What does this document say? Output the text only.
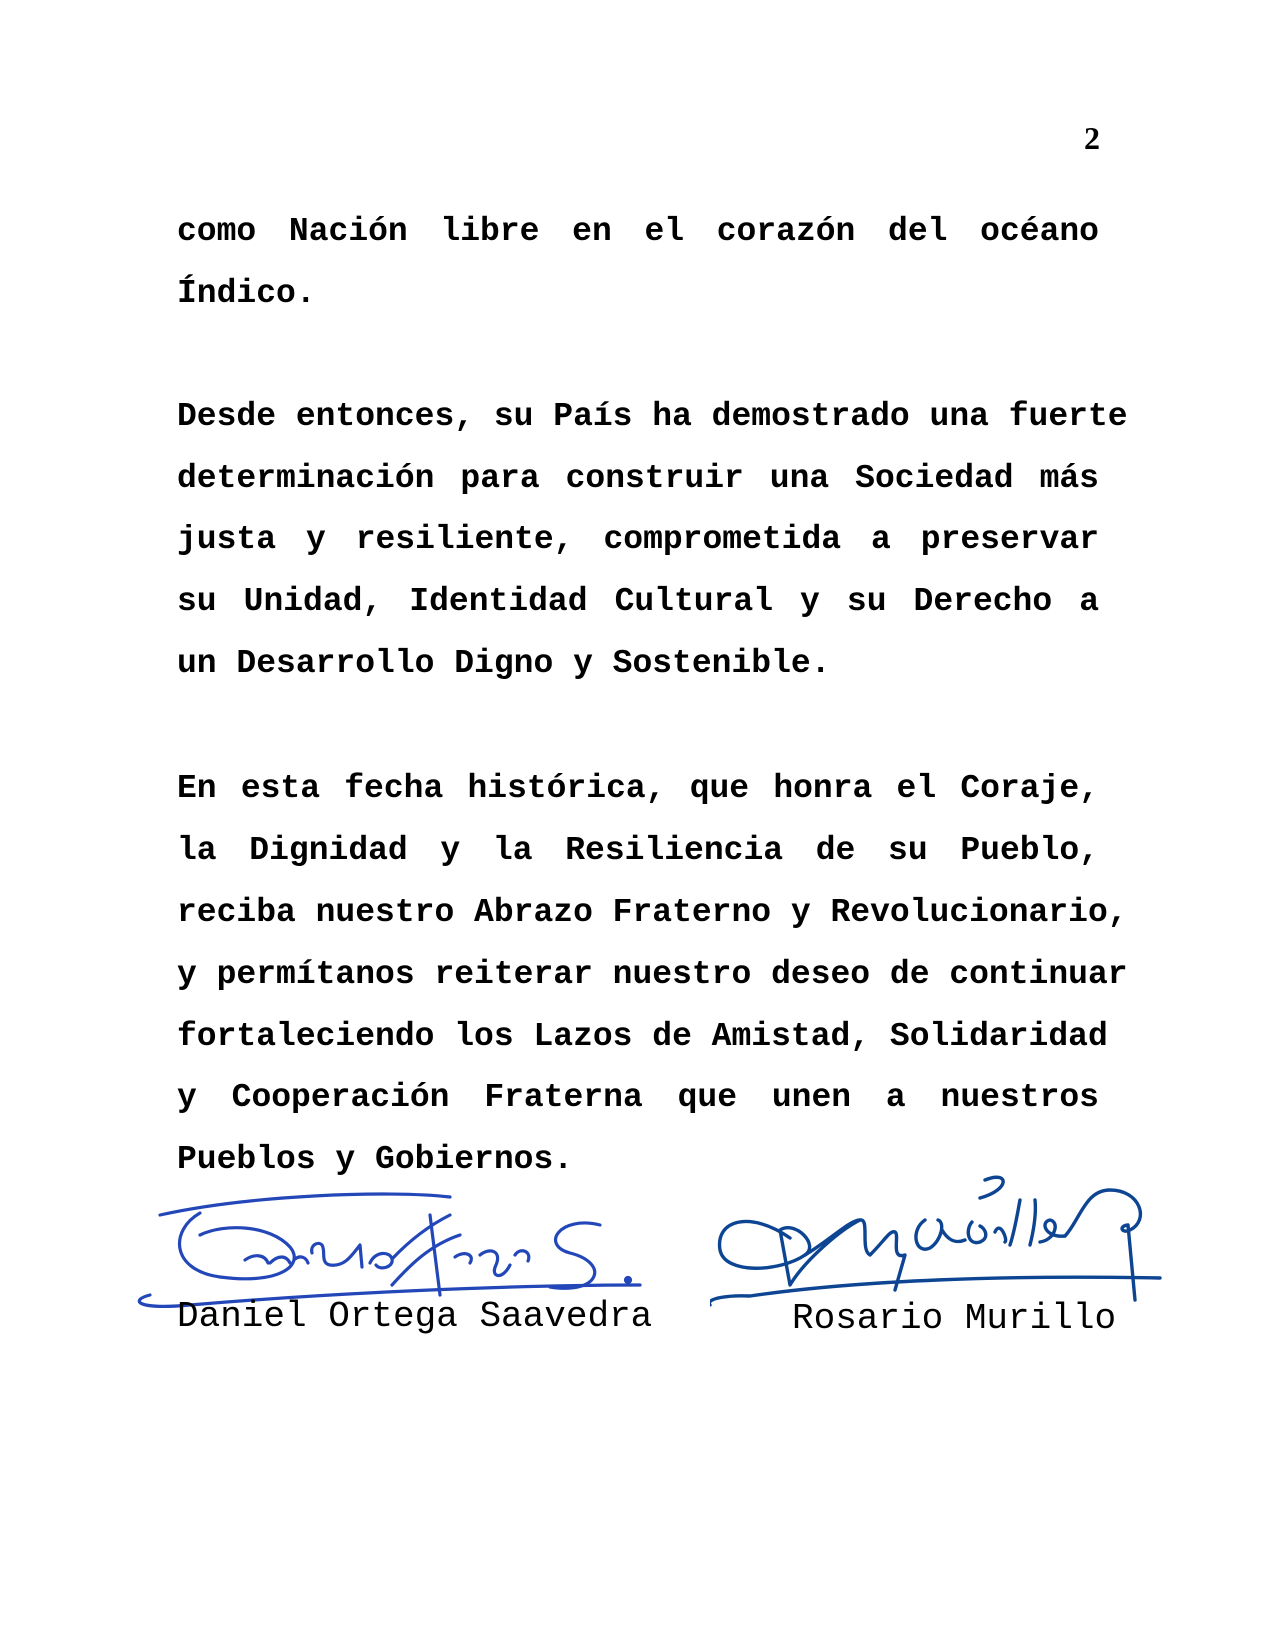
2
como Nación libre en el corazón del océano
Índico.
Desde entonces, su País ha demostrado una fuerte
determinación para construir una Sociedad más
justa y resiliente, comprometida a preservar
su Unidad, Identidad Cultural y su Derecho a
un Desarrollo Digno y Sostenible.
En esta fecha histórica, que honra el Coraje,
la Dignidad y la Resiliencia de su Pueblo,
reciba nuestro Abrazo Fraterno y Revolucionario,
y permítanos reiterar nuestro deseo de continuar
fortaleciendo los Lazos de Amistad, Solidaridad
y Cooperación Fraterna que unen a nuestros
Pueblos y Gobiernos.
Daniel Ortega Saavedra	Rosario Murillo
